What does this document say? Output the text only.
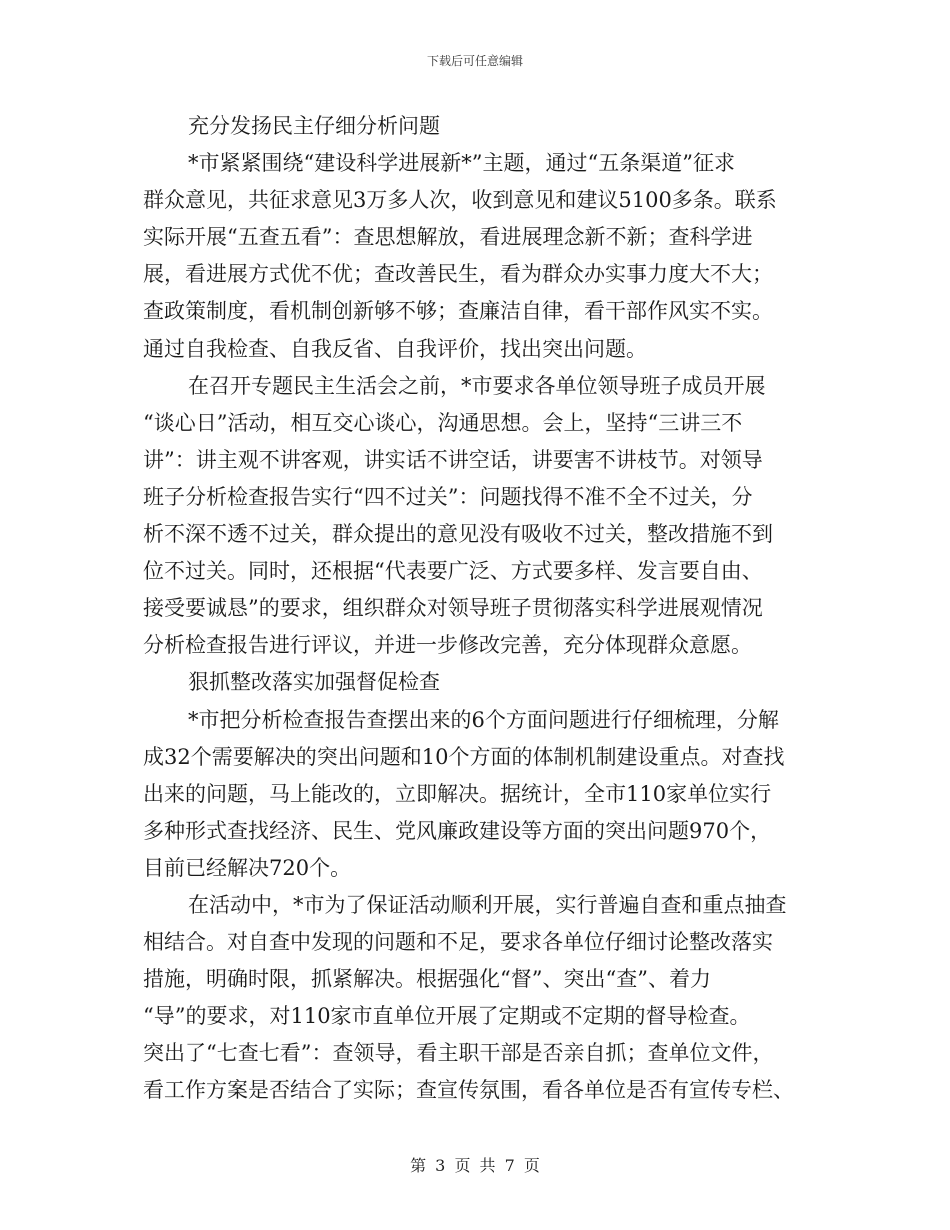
下载后可任意编辑
充分发扬民主仔细分析问题
*市紧紧围绕“建设科学进展新*”主题，通过“五条渠道”征求
群众意见，共征求意见3万多人次，收到意见和建议5100多条。联系
实际开展“五查五看”：查思想解放，看进展理念新不新；查科学进
展，看进展方式优不优；查改善民生，看为群众办实事力度大不大；
查政策制度，看机制创新够不够；查廉洁自律，看干部作风实不实。
通过自我检查、自我反省、自我评价，找出突出问题。
在召开专题民主生活会之前，*市要求各单位领导班子成员开展
“谈心日”活动，相互交心谈心，沟通思想。会上，坚持“三讲三不
讲”：讲主观不讲客观，讲实话不讲空话，讲要害不讲枝节。对领导
班子分析检查报告实行“四不过关”：问题找得不准不全不过关，分
析不深不透不过关，群众提出的意见没有吸收不过关，整改措施不到
位不过关。同时，还根据“代表要广泛、方式要多样、发言要自由、
接受要诚恳”的要求，组织群众对领导班子贯彻落实科学进展观情况
分析检查报告进行评议，并进一步修改完善，充分体现群众意愿。
狠抓整改落实加强督促检查
*市把分析检查报告查摆出来的6个方面问题进行仔细梳理，分解
成32个需要解决的突出问题和10个方面的体制机制建设重点。对查找
出来的问题，马上能改的，立即解决。据统计，全市110家单位实行
多种形式查找经济、民生、党风廉政建设等方面的突出问题970个，
目前已经解决720个。
在活动中，*市为了保证活动顺利开展，实行普遍自查和重点抽查
相结合。对自查中发现的问题和不足，要求各单位仔细讨论整改落实
措施，明确时限，抓紧解决。根据强化“督”、突出“查”、着力
“导”的要求，对110家市直单位开展了定期或不定期的督导检查。
突出了“七查七看”：查领导，看主职干部是否亲自抓；查单位文件，
看工作方案是否结合了实际；查宣传氛围，看各单位是否有宣传专栏、
第 3 页 共 7 页
